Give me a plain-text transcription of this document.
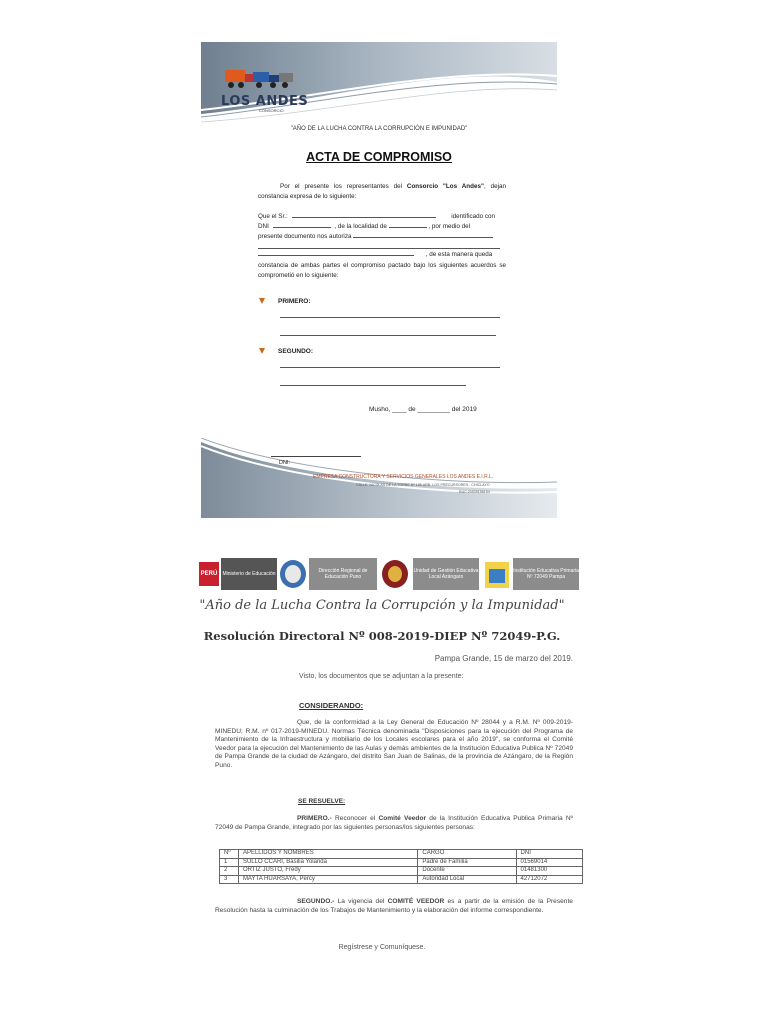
LOS ANDES
CONSORCIO
"AÑO DE LA LUCHA CONTRA LA CORRUPCIÓN E IMPUNIDAD"
ACTA DE COMPROMISO
Por el presente los representantes del Consorcio "Los Andes", dejan constancia expresa de lo siguiente:
Que el Sr.:	identificado con
DNI	, de la localidad de	, por medio del
presente documento nos autoriza
, de esta manera queda
constancia de ambas partes el compromiso pactado bajo los siguientes acuerdos se comprometió en lo siguiente:
PRIMERO:
SEGUNDO:
Musho, ____ de _________ del 2019
DNI:
EMPRESA CONSTRUCTORA Y SERVICIOS GENERALES LOS ANDES E.I.R.L.
CALLE: NICOLAS DE LA TORRE Nº 185 URB. LOS PRECURSORES - CHICLAYO
RUC:20539158154
PERÚ	Ministerio de Educación	Dirección Regional de Educación Puno
Unidad de Gestión Educativa Local Azángaro
Institución Educativa Primaria Nº 72049 Pampa
"Año de la Lucha Contra la Corrupción y la Impunidad"
Resolución Directoral Nº 008-2019-DIEP Nº 72049-P.G.
Pampa Grande, 15 de marzo del 2019.
Visto, los documentos que se adjuntan a la presente:
CONSIDERANDO:
Que, de la conformidad a la Ley General de Educación Nº 28044 y a R.M. Nº 009-2019-MINEDU; R.M. nº 017-2019-MINEDU. Normas Técnica denominada "Disposiciones para la ejecución del Programa de Mantenimiento de la Infraestructura y mobiliario de los Locales escolares para el año 2019", se conforma el Comité Veedor para la ejecución del Mantenimiento de las Aulas y demás ambientes de la Institución Educativa Publica Nº 72049 de Pampa Grande de la ciudad de Azángaro, del distrito San Juan de Salinas, de la provincia de Azángaro, de la Región Puno.
SE RESUELVE:
PRIMERO.- Reconocer el Comité Veedor de la Institución Educativa Publica Primaria Nº 72049 de Pampa Grande, integrado por las siguientes personas/los siguientes personas:
Nº	APELLIDOS Y NOMBRES	CARGO	DNI
1	SULLO CCARI, Basilia Yolanda	Padre de Familia	01569014
2	ORTIZ JUSTO, Fredy	Docente	01481300
3	MAYTA HUARSAYA, Percy	Autoridad Local	42712072
SEGUNDO.- La vigencia del COMITÉ VEEDOR es a partir de la emisión de la Presente Resolución hasta la culminación de los Trabajos de Mantenimiento y la elaboración del informe correspondiente.
Regístrese y Comuníquese.
